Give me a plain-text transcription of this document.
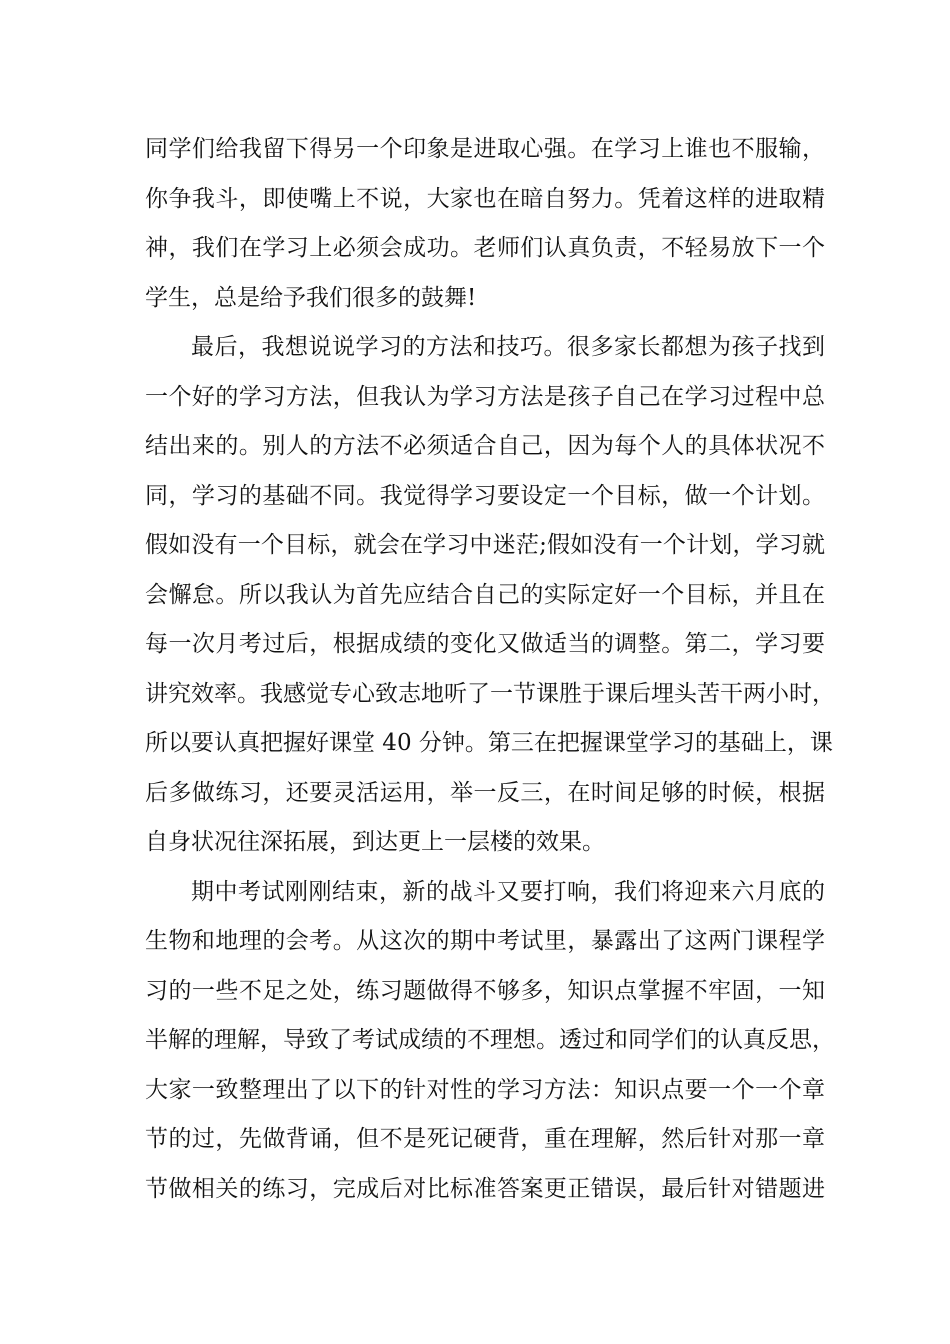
同学们给我留下得另一个印象是进取心强。在学习上谁也不服输，
你争我斗，即使嘴上不说，大家也在暗自努力。凭着这样的进取精
神，我们在学习上必须会成功。老师们认真负责，不轻易放下一个
学生，总是给予我们很多的鼓舞!
最后，我想说说学习的方法和技巧。很多家长都想为孩子找到
一个好的学习方法，但我认为学习方法是孩子自己在学习过程中总
结出来的。别人的方法不必须适合自己，因为每个人的具体状况不
同，学习的基础不同。我觉得学习要设定一个目标，做一个计划。
假如没有一个目标，就会在学习中迷茫;假如没有一个计划，学习就
会懈怠。所以我认为首先应结合自己的实际定好一个目标，并且在
每一次月考过后，根据成绩的变化又做适当的调整。第二，学习要
讲究效率。我感觉专心致志地听了一节课胜于课后埋头苦干两小时，
所以要认真把握好课堂 40 分钟。第三在把握课堂学习的基础上，课
后多做练习，还要灵活运用，举一反三，在时间足够的时候，根据
自身状况往深拓展，到达更上一层楼的效果。
期中考试刚刚结束，新的战斗又要打响，我们将迎来六月底的
生物和地理的会考。从这次的期中考试里，暴露出了这两门课程学
习的一些不足之处，练习题做得不够多，知识点掌握不牢固，一知
半解的理解，导致了考试成绩的不理想。透过和同学们的认真反思，
大家一致整理出了以下的针对性的学习方法：知识点要一个一个章
节的过，先做背诵，但不是死记硬背，重在理解，然后针对那一章
节做相关的练习，完成后对比标准答案更正错误，最后针对错题进
